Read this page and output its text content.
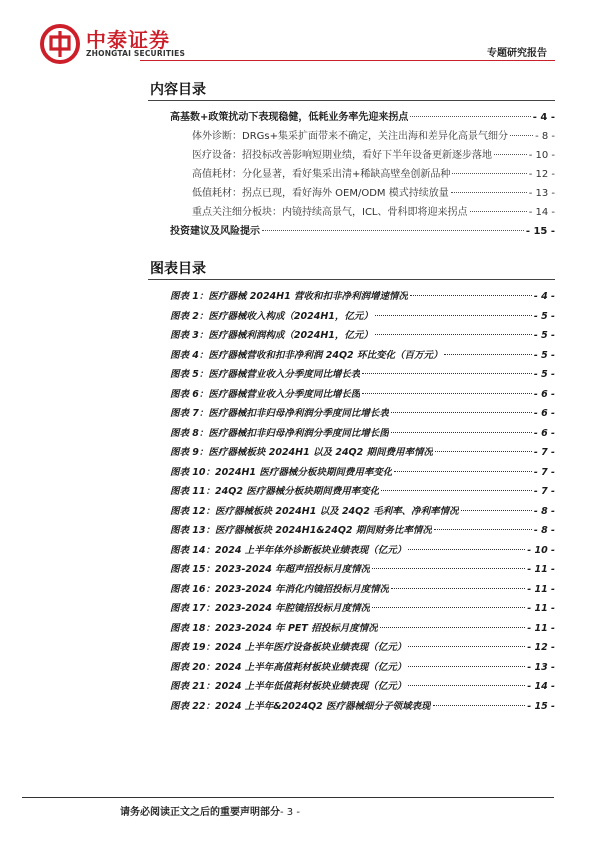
中泰证券
ZHONGTAI SECURITIES	专题研究报告
内容目录
高基数+政策扰动下表现稳健，低耗业务率先迎来拐点	- 4 -
体外诊断：DRGs+集采扩面带来不确定，关注出海和差异化高景气细分	- 8 -
医疗设备：招投标改善影响短期业绩，看好下半年设备更新逐步落地	- 10 -
高值耗材：分化显著，看好集采出清+稀缺高壁垒创新品种	- 12 -
低值耗材：拐点已现，看好海外 OEM/ODM 模式持续放量	- 13 -
重点关注细分板块：内镜持续高景气，ICL、骨科即将迎来拐点	- 14 -
投资建议及风险提示	- 15 -
图表目录
图表 1：医疗器械 2024H1 营收和扣非净利润增速情况	- 4 -
图表 2：医疗器械收入构成（2024H1，亿元）	- 5 -
图表 3：医疗器械利润构成（2024H1，亿元）	- 5 -
图表 4：医疗器械营收和扣非净利润 24Q2 环比变化（百万元）	- 5 -
图表 5：医疗器械营业收入分季度同比增长表	- 5 -
图表 6：医疗器械营业收入分季度同比增长图	- 6 -
图表 7：医疗器械扣非归母净利润分季度同比增长表	- 6 -
图表 8：医疗器械扣非归母净利润分季度同比增长图	- 6 -
图表 9：医疗器械板块 2024H1 以及 24Q2 期间费用率情况	- 7 -
图表 10：2024H1 医疗器械分板块期间费用率变化	- 7 -
图表 11：24Q2 医疗器械分板块期间费用率变化	- 7 -
图表 12：医疗器械板块 2024H1 以及 24Q2 毛利率、净利率情况	- 8 -
图表 13：医疗器械板块 2024H1&24Q2 期间财务比率情况	- 8 -
图表 14：2024 上半年体外诊断板块业绩表现（亿元）	- 10 -
图表 15：2023-2024 年超声招投标月度情况	- 11 -
图表 16：2023-2024 年消化内镜招投标月度情况	- 11 -
图表 17：2023-2024 年腔镜招投标月度情况	- 11 -
图表 18：2023-2024 年 PET 招投标月度情况	- 11 -
图表 19：2024 上半年医疗设备板块业绩表现（亿元）	- 12 -
图表 20：2024 上半年高值耗材板块业绩表现（亿元）	- 13 -
图表 21：2024 上半年低值耗材板块业绩表现（亿元）	- 14 -
图表 22：2024 上半年&2024Q2 医疗器械细分子领域表现	- 15 -
请务必阅读正文之后的重要声明部分- 3 -
